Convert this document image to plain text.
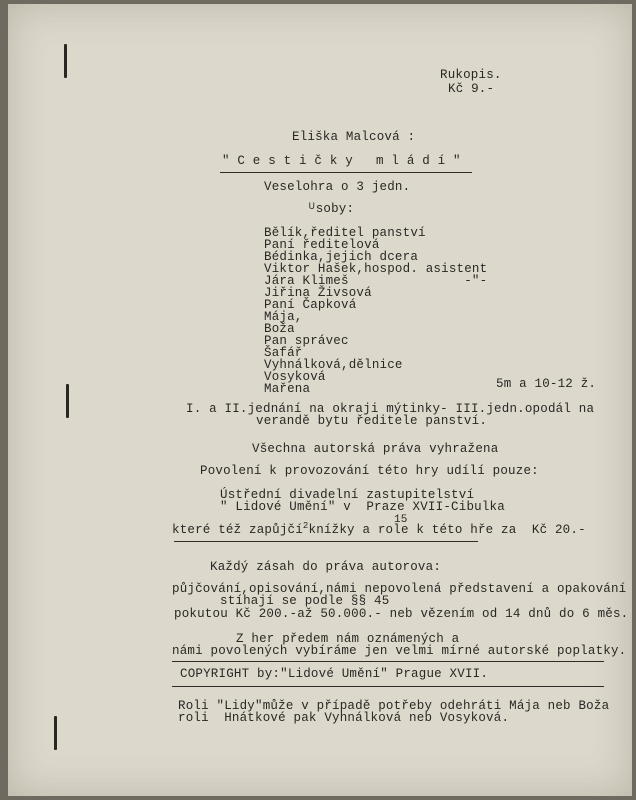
Rukopis.
Kč 9.-
Eliška Malcová :
" C e s t i č k y   m l á d í "
Veselohra o 3 jedn.
ᵁsoby:
Bělík,ředitel panství
Paní ředitelová
Bédinka,jejich dcera
Viktor Hašek,hospod. asistent
Jára Klimeš               -"-
Jiřina Živsová
Paní Čapková
Mája,
Boža
Pan správec
Šafář
Vyhnálková,dělnice
Vosyková
Mařena	5m a 10-12 ž.
I. a II.jednání na okraji mýtinky- III.jedn.opodál na
verandě bytu ředitele panství.
Všechna autorská práva vyhražena
Povolení k provozování této hry udílí pouze:
Ústřední divadelní zastupitelství
" Lidové Umění" v  Praze XVII-Cibulka
15
které též zapůjčí$^2$knížky a role k této hře za  Kč 20.-
Každý zásah do práva autorova:
půjčování,opisování,námi nepovolená představení a opakování
stíhají se podle §§ 45
pokutou Kč 200.-až 50.000.- neb vězením od 14 dnů do 6 měs.
Z her předem nám oznámených a
námi povolených vybíráme jen velmi mírné autorské poplatky.
COPYRIGHT by:"Lidové Umění" Prague XVII.
Roli "Lidy"může v případě potřeby odehráti Mája neb Boža
roli  Hnátkové pak Vyhnálková neb Vosyková.
